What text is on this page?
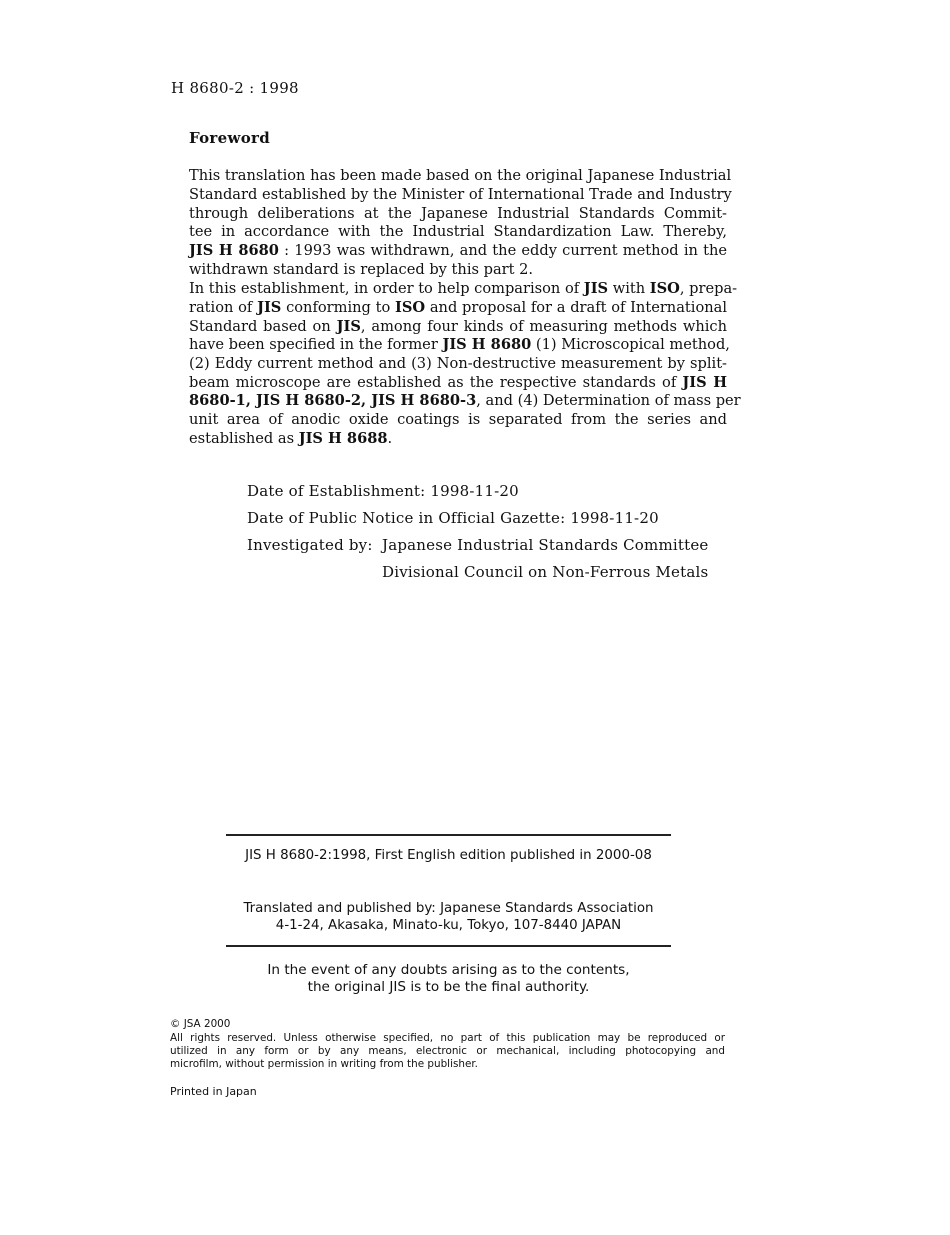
H 8680-2 : 1998
Foreword
This translation has been made based on the original Japanese Industrial
Standard established by the Minister of International Trade and Industry
through deliberations at the Japanese Industrial Standards Commit-
tee in accordance with the Industrial Standardization Law. Thereby,
JIS H 8680 : 1993 was withdrawn, and the eddy current method in the
withdrawn standard is replaced by this part 2.
In this establishment, in order to help comparison of JIS with ISO, prepa-
ration of JIS conforming to ISO and proposal for a draft of International
Standard based on JIS, among four kinds of measuring methods which
have been specified in the former JIS H 8680 (1) Microscopical method,
(2) Eddy current method and (3) Non-destructive measurement by split-
beam microscope are established as the respective standards of JIS H
8680-1, JIS H 8680-2, JIS H 8680-3, and (4) Determination of mass per
unit area of anodic oxide coatings is separated from the series and
established as JIS H 8688.
Date of Establishment: 1998-11-20
Date of Public Notice in Official Gazette: 1998-11-20
Investigated by: Japanese Industrial Standards Committee
Divisional Council on Non-Ferrous Metals
JIS H 8680-2:1998, First English edition published in 2000-08
Translated and published by: Japanese Standards Association
4-1-24, Akasaka, Minato-ku, Tokyo, 107-8440 JAPAN
In the event of any doubts arising as to the contents,
the original JIS is to be the final authority.
© JSA 2000
All rights reserved. Unless otherwise specified, no part of this publication may be reproduced or
utilized in any form or by any means, electronic or mechanical, including photocopying and
microfilm, without permission in writing from the publisher.
Printed in Japan
